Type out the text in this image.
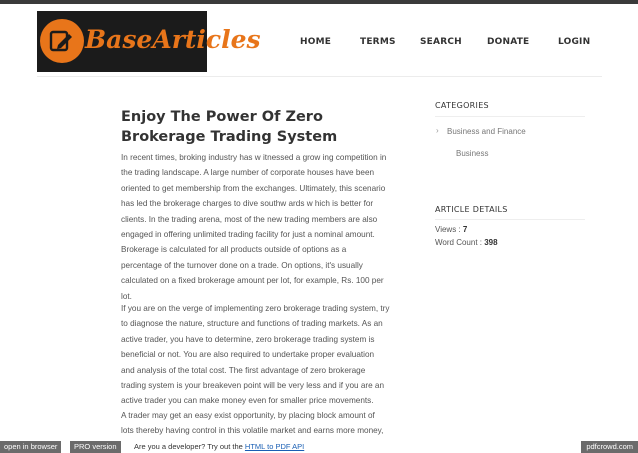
BaseArticles	HOME	TERMS	SEARCH	DONATE	LOGIN
Enjoy The Power Of Zero Brokerage Trading System
In recent times, broking industry has w itnessed a grow ing competition in
the trading landscape. A large number of corporate houses have been
oriented to get membership from the exchanges. Ultimately, this scenario
has led the brokerage charges to dive southw ards w hich is better for
clients. In the trading arena, most of the new trading members are also
engaged in offering unlimited trading facility for just a nominal amount.
Brokerage is calculated for all products outside of options as a
percentage of the turnover done on a trade. On options, it's usually
calculated on a fixed brokerage amount per lot, for example, Rs. 100 per
lot.
If you are on the verge of implementing zero brokerage trading system, try
to diagnose the nature, structure and functions of trading markets. As an
active trader, you have to determine, zero brokerage trading system is
beneficial or not. You are also required to undertake proper evaluation
and analysis of the total cost. The first advantage of zero brokerage
trading system is your breakeven point will be very less and if you are an
active trader you can make money even for smaller price movements.
A trader may get an easy exist opportunity, by placing block amount of
lots thereby having control in this volatile market and earns more money,
CATEGORIES
› Business and Finance
Business
ARTICLE DETAILS
Views : 7
Word Count : 398
open in browser	PRO version	Are you a developer? Try out the HTML to PDF API	pdfcrowd.com
